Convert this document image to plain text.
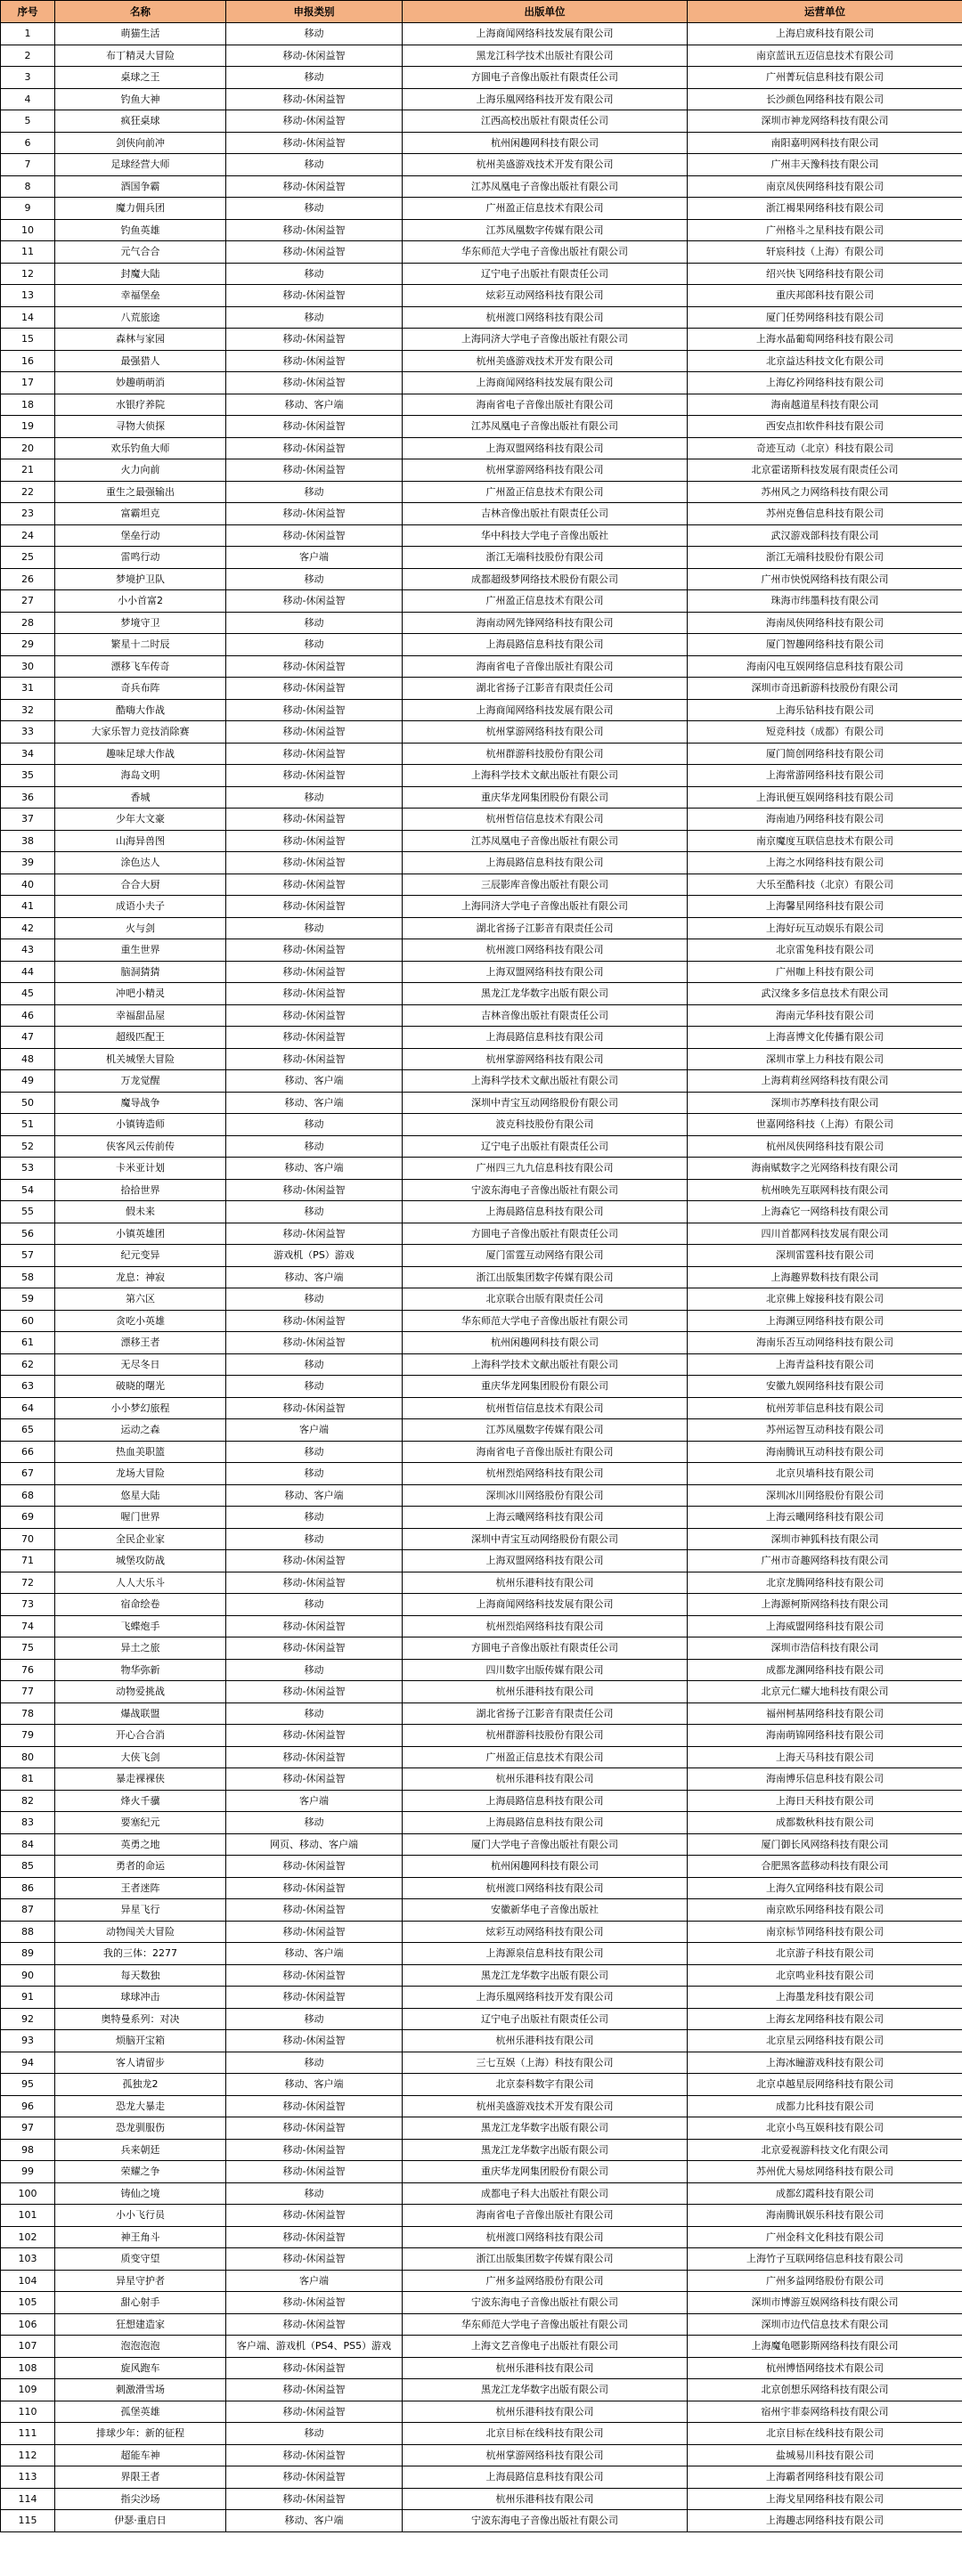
序号	名称	申报类别	出版单位	运营单位
1	萌猫生活	移动	上海商闻网络科技发展有限公司	上海启宬科技有限公司
2	布丁精灵大冒险	移动-休闲益智	黑龙江科学技术出版社有限公司	南京蓝讯五迈信息技术有限公司
3	桌球之王	移动	方圆电子音像出版社有限责任公司	广州菁玩信息科技有限公司
4	钓鱼大神	移动-休闲益智	上海乐凰网络科技开发有限公司	长沙颜色网络科技有限公司
5	疯狂桌球	移动-休闲益智	江西高校出版社有限责任公司	深圳市神龙网络科技有限公司
6	剑侠向前冲	移动-休闲益智	杭州闲趣网科技有限公司	南阳嘉明网科技有限公司
7	足球经营大师	移动	杭州美盛游戏技术开发有限公司	广州丰天豫科技有限公司
8	酒国争霸	移动-休闲益智	江苏凤凰电子音像出版社有限公司	南京凤侠网络科技有限公司
9	魔力佣兵团	移动	广州盈正信息技术有限公司	浙江褐果网络科技有限公司
10	钓鱼英雄	移动-休闲益智	江苏凤凰数字传媒有限公司	广州格斗之星科技有限公司
11	元气合合	移动-休闲益智	华东师范大学电子音像出版社有限公司	轩宸科技（上海）有限公司
12	封魔大陆	移动	辽宁电子出版社有限责任公司	绍兴快飞网络科技有限公司
13	幸福堡垒	移动-休闲益智	炫彩互动网络科技有限公司	重庆邦郎科技有限公司
14	八荒旅途	移动	杭州渡口网络科技有限公司	厦门任势网络科技有限公司
15	森林与家园	移动-休闲益智	上海同济大学电子音像出版社有限公司	上海水晶葡萄网络科技有限公司
16	最强猎人	移动-休闲益智	杭州美盛游戏技术开发有限公司	北京益达科技文化有限公司
17	妙趣萌萌消	移动-休闲益智	上海商闻网络科技发展有限公司	上海亿衿网络科技有限公司
18	水银疗养院	移动、客户端	海南省电子音像出版社有限公司	海南越道星科技有限公司
19	寻物大侦探	移动-休闲益智	江苏凤凰电子音像出版社有限公司	西安点扣软件科技有限公司
20	欢乐钓鱼大师	移动-休闲益智	上海双盟网络科技有限公司	奇迹互动（北京）科技有限公司
21	火力向前	移动-休闲益智	杭州掌游网络科技有限公司	北京霍诺斯科技发展有限责任公司
22	重生之最强输出	移动	广州盈正信息技术有限公司	苏州风之力网络科技有限公司
23	富霸坦克	移动-休闲益智	吉林音像出版社有限责任公司	苏州克鲁信息科技有限公司
24	堡垒行动	移动-休闲益智	华中科技大学电子音像出版社	武汉游戏部科技有限公司
25	雷鸣行动	客户端	浙江无端科技股份有限公司	浙江无端科技股份有限公司
26	梦境护卫队	移动	成都超级梦网络技术股份有限公司	广州市快悦网络科技有限公司
27	小小首富2	移动-休闲益智	广州盈正信息技术有限公司	珠海市纬墨科技有限公司
28	梦境守卫	移动	海南动网先锋网络科技有限公司	海南凤侠网络科技有限公司
29	繁星十二时辰	移动	上海晨路信息科技有限公司	厦门智趣网络科技有限公司
30	漂移飞车传奇	移动-休闲益智	海南省电子音像出版社有限公司	海南闪电互娱网络信息科技有限公司
31	奇兵布阵	移动-休闲益智	湖北省扬子江影音有限责任公司	深圳市奇迅新游科技股份有限公司
32	酷嗨大作战	移动-休闲益智	上海商闻网络科技发展有限公司	上海乐钻科技有限公司
33	大家乐智力竞技消除赛	移动-休闲益智	杭州掌游网络科技有限公司	短竞科技（成都）有限公司
34	趣味足球大作战	移动-休闲益智	杭州群游科技股份有限公司	厦门简创网络科技有限公司
35	海岛文明	移动-休闲益智	上海科学技术文献出版社有限公司	上海常游网络科技有限公司
36	香城	移动	重庆华龙网集团股份有限公司	上海讯便互娱网络科技有限公司
37	少年大文豪	移动-休闲益智	杭州哲信信息技术有限公司	海南迪乃网络科技有限公司
38	山海异兽图	移动-休闲益智	江苏凤凰电子音像出版社有限公司	南京魔度互联信息技术有限公司
39	涂色达人	移动-休闲益智	上海晨路信息科技有限公司	上海之水网络科技有限公司
40	合合大厨	移动-休闲益智	三辰影库音像出版社有限公司	大乐至酷科技（北京）有限公司
41	成语小夫子	移动-休闲益智	上海同济大学电子音像出版社有限公司	上海馨星网络科技有限公司
42	火与剑	移动	湖北省扬子江影音有限责任公司	上海好玩互动娱乐有限公司
43	重生世界	移动-休闲益智	杭州渡口网络科技有限公司	北京雷兔科技有限公司
44	脑洞猜猜	移动-休闲益智	上海双盟网络科技有限公司	广州咖上科技有限公司
45	冲吧小精灵	移动-休闲益智	黑龙江龙华数字出版有限公司	武汉缘多多信息技术有限公司
46	幸福甜品屋	移动-休闲益智	吉林音像出版社有限责任公司	海南元华科技有限公司
47	超级匹配王	移动-休闲益智	上海晨路信息科技有限公司	上海喜博文化传播有限公司
48	机关城堡大冒险	移动-休闲益智	杭州掌游网络科技有限公司	深圳市掌上力科技有限公司
49	万龙觉醒	移动、客户端	上海科学技术文献出版社有限公司	上海莉莉丝网络科技有限公司
50	魔导战争	移动、客户端	深圳中青宝互动网络股份有限公司	深圳市苏摩科技有限公司
51	小镇铸造师	移动	波克科技股份有限公司	世嘉网络科技（上海）有限公司
52	侠客风云传前传	移动	辽宁电子出版社有限责任公司	杭州凤侠网络科技有限公司
53	卡米亚计划	移动、客户端	广州四三九九信息科技有限公司	海南赋数字之光网络科技有限公司
54	拾拾世界	移动-休闲益智	宁波东海电子音像出版社有限公司	杭州映先互联网科技有限公司
55	假未来	移动	上海晨路信息科技有限公司	上海森它一网络科技有限公司
56	小镇英雄团	移动-休闲益智	方圆电子音像出版社有限责任公司	四川首都网科技发展有限公司
57	纪元变异	游戏机（PS）游戏	厦门雷霆互动网络有限公司	深圳雷霆科技有限公司
58	龙息：神寂	移动、客户端	浙江出版集团数字传媒有限公司	上海趣界数科技有限公司
59	第六区	移动	北京联合出版有限责任公司	北京佛上嫁接科技有限公司
60	贪吃小英雄	移动-休闲益智	华东师范大学电子音像出版社有限公司	上海渊豆网络科技有限公司
61	漂移王者	移动-休闲益智	杭州闲趣网科技有限公司	海南乐否互动网络科技有限公司
62	无尽冬日	移动	上海科学技术文献出版社有限公司	上海青益科技有限公司
63	破晓的曙光	移动	重庆华龙网集团股份有限公司	安徽九娱网络科技有限公司
64	小小梦幻旅程	移动-休闲益智	杭州哲信信息技术有限公司	杭州芳菲信息科技有限公司
65	运动之森	客户端	江苏凤凰数字传媒有限公司	苏州运智互动科技有限公司
66	热血美职篮	移动	海南省电子音像出版社有限公司	海南腾讯互动科技有限公司
67	龙场大冒险	移动	杭州烈焰网络科技有限公司	北京贝墙科技有限公司
68	悠星大陆	移动、客户端	深圳冰川网络股份有限公司	深圳冰川网络股份有限公司
69	喔门世界	移动	上海云曦网络科技有限公司	上海云曦网络科技有限公司
70	全民企业家	移动	深圳中青宝互动网络股份有限公司	深圳市神狐科技有限公司
71	城堡攻防战	移动-休闲益智	上海双盟网络科技有限公司	广州市奇趣网络科技有限公司
72	人人大乐斗	移动-休闲益智	杭州乐港科技有限公司	北京龙腾网络科技有限公司
73	宿命绘卷	移动	上海商闻网络科技发展有限公司	上海源柯斯网络科技有限公司
74	飞蝶炮手	移动-休闲益智	杭州烈焰网络科技有限公司	上海威盟网络科技有限公司
75	异土之旅	移动-休闲益智	方圆电子音像出版社有限责任公司	深圳市浩信科技有限公司
76	物华弥新	移动	四川数字出版传媒有限公司	成都龙渊网络科技有限公司
77	动物爱挑战	移动-休闲益智	杭州乐港科技有限公司	北京元仁耀大地科技有限公司
78	爆战联盟	移动	湖北省扬子江影音有限责任公司	福州柯基网络科技有限公司
79	开心合合消	移动-休闲益智	杭州群游科技股份有限公司	海南萌锦网络科技有限公司
80	大侠飞剑	移动-休闲益智	广州盈正信息技术有限公司	上海天马科技有限公司
81	暴走裸裸侠	移动-休闲益智	杭州乐港科技有限公司	海南博乐信息科技有限公司
82	烽火千骥	客户端	上海晨路信息科技有限公司	上海日天科技有限公司
83	要塞纪元	移动	上海晨路信息科技有限公司	成都数秋科技有限公司
84	英勇之地	网页、移动、客户端	厦门大学电子音像出版社有限公司	厦门御长风网络科技有限公司
85	勇者的命运	移动-休闲益智	杭州闲趣网科技有限公司	合肥黑客蓝移动科技有限公司
86	王者迷阵	移动-休闲益智	杭州渡口网络科技有限公司	上海久宜网络科技有限公司
87	异星飞行	移动-休闲益智	安徽新华电子音像出版社	南京欧乐网络科技有限公司
88	动物闯关大冒险	移动-休闲益智	炫彩互动网络科技有限公司	南京标节网络科技有限公司
89	我的三体：2277	移动、客户端	上海源泉信息科技有限公司	北京游子科技有限公司
90	每天数独	移动-休闲益智	黑龙江龙华数字出版有限公司	北京鸣业科技有限公司
91	球球冲击	移动-休闲益智	上海乐凰网络科技开发有限公司	上海墨龙科技有限公司
92	奥特曼系列：对决	移动	辽宁电子出版社有限责任公司	上海玄龙网络科技有限公司
93	烦脑开宝箱	移动-休闲益智	杭州乐港科技有限公司	北京星云网络科技有限公司
94	客人请留步	移动	三七互娱（上海）科技有限公司	上海冰瞳游戏科技有限公司
95	孤独龙2	移动、客户端	北京泰科数字有限公司	北京卓越星辰网络科技有限公司
96	恐龙大暴走	移动-休闲益智	杭州美盛游戏技术开发有限公司	成都力比科技有限公司
97	恐龙驯服伤	移动-休闲益智	黑龙江龙华数字出版有限公司	北京小鸟互娱科技有限公司
98	兵来朝廷	移动-休闲益智	黑龙江龙华数字出版有限公司	北京爱视游科技文化有限公司
99	荣耀之争	移动-休闲益智	重庆华龙网集团股份有限公司	苏州优大易炫网络科技有限公司
100	铸仙之境	移动	成都电子科大出版社有限公司	成都幻霞科技有限公司
101	小小飞行员	移动-休闲益智	海南省电子音像出版社有限公司	海南腾讯娱乐科技有限公司
102	神王角斗	移动-休闲益智	杭州渡口网络科技有限公司	广州金科文化科技有限公司
103	质变守望	移动-休闲益智	浙江出版集团数字传媒有限公司	上海竹子互联网络信息科技有限公司
104	异星守护者	客户端	广州多益网络股份有限公司	广州多益网络股份有限公司
105	甜心射手	移动-休闲益智	宁波东海电子音像出版社有限公司	深圳市博游互娱网络科技有限公司
106	狂想建造家	移动-休闲益智	华东师范大学电子音像出版社有限公司	深圳市边代信息技术有限公司
107	泡泡泡泡	客户端、游戏机（PS4、PS5）游戏	上海文艺音像电子出版社有限公司	上海魔龟嗯影斯网络科技有限公司
108	旋风跑车	移动-休闲益智	杭州乐港科技有限公司	杭州博悟网络技术有限公司
109	刺激滑雪场	移动-休闲益智	黑龙江龙华数字出版有限公司	北京创想乐网络科技有限公司
110	孤堡英雄	移动-休闲益智	杭州乐港科技有限公司	宿州宇菲泰网络科技有限公司
111	排球少年：新的征程	移动	北京目标在线科技有限公司	北京目标在线科技有限公司
112	超能车神	移动-休闲益智	杭州掌游网络科技有限公司	盐城易川科技有限公司
113	界限王者	移动-休闲益智	上海晨路信息科技有限公司	上海霸者网络科技有限公司
114	指尖沙场	移动-休闲益智	杭州乐港科技有限公司	上海戈星网络科技有限公司
115	伊瑟·重启日	移动、客户端	宁波东海电子音像出版社有限公司	上海趣志网络科技有限公司
